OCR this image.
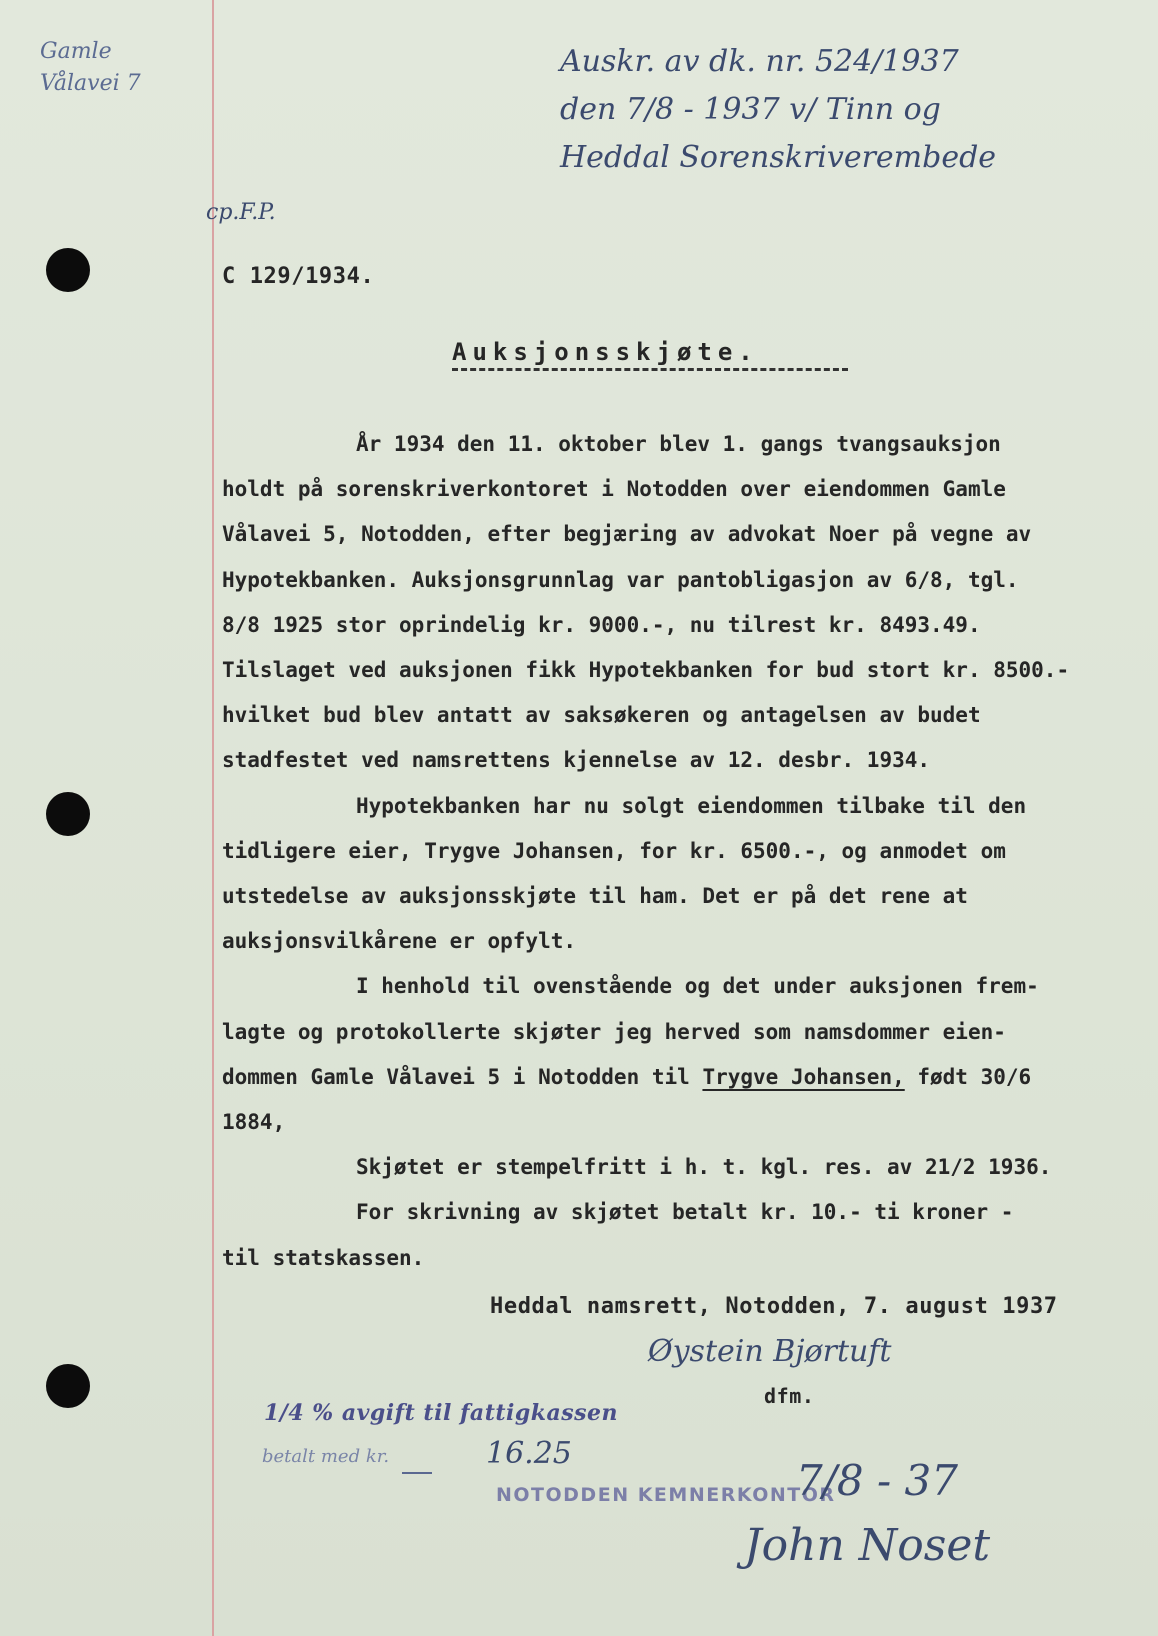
Gamle
Vålavei 7
Auskr. av dk. nr. 524/1937
den 7/8 - 1937 v/ Tinn og
Heddal Sorenskriverembede
cp.F.P.
C 129/1934.
Auksjonsskjøte.

År 1934 den 11. oktober blev 1. gangs tvangsauksjon

holdt på sorenskriverkontoret i Notodden over eiendommen Gamle

Vålavei 5, Notodden, efter begjæring av advokat Noer på vegne av

Hypotekbanken. Auksjonsgrunnlag var pantobligasjon av 6/8, tgl.

8/8 1925 stor oprindelig kr. 9000.-, nu tilrest kr. 8493.49.

Tilslaget ved auksjonen fikk Hypotekbanken for bud stort kr. 8500.-

hvilket bud blev antatt av saksøkeren og antagelsen av budet

stadfestet ved namsrettens kjennelse av 12. desbr. 1934.

Hypotekbanken har nu solgt eiendommen tilbake til den

tidligere eier, Trygve Johansen, for kr. 6500.-, og anmodet om

utstedelse av auksjonsskjøte til ham. Det er på det rene at

auksjonsvilkårene er opfylt.

I henhold til ovenstående og det under auksjonen frem-

lagte og protokollerte skjøter jeg herved som namsdommer eien-

dommen Gamle Vålavei 5 i Notodden til Trygve Johansen, født 30/6

1884,

Skjøtet er stempelfritt i h. t. kgl. res. av 21/2 1936.

For skrivning av skjøtet betalt kr. 10.- ti kroner -

til statskassen.

Heddal namsrett, Notodden, 7. august 1937
Øystein Bjørtuft
dfm.
1/4 % avgift til fattigkassen
betalt med kr.	16.25
NOTODDEN KEMNERKONTOR
7/8 - 37
John Noset
